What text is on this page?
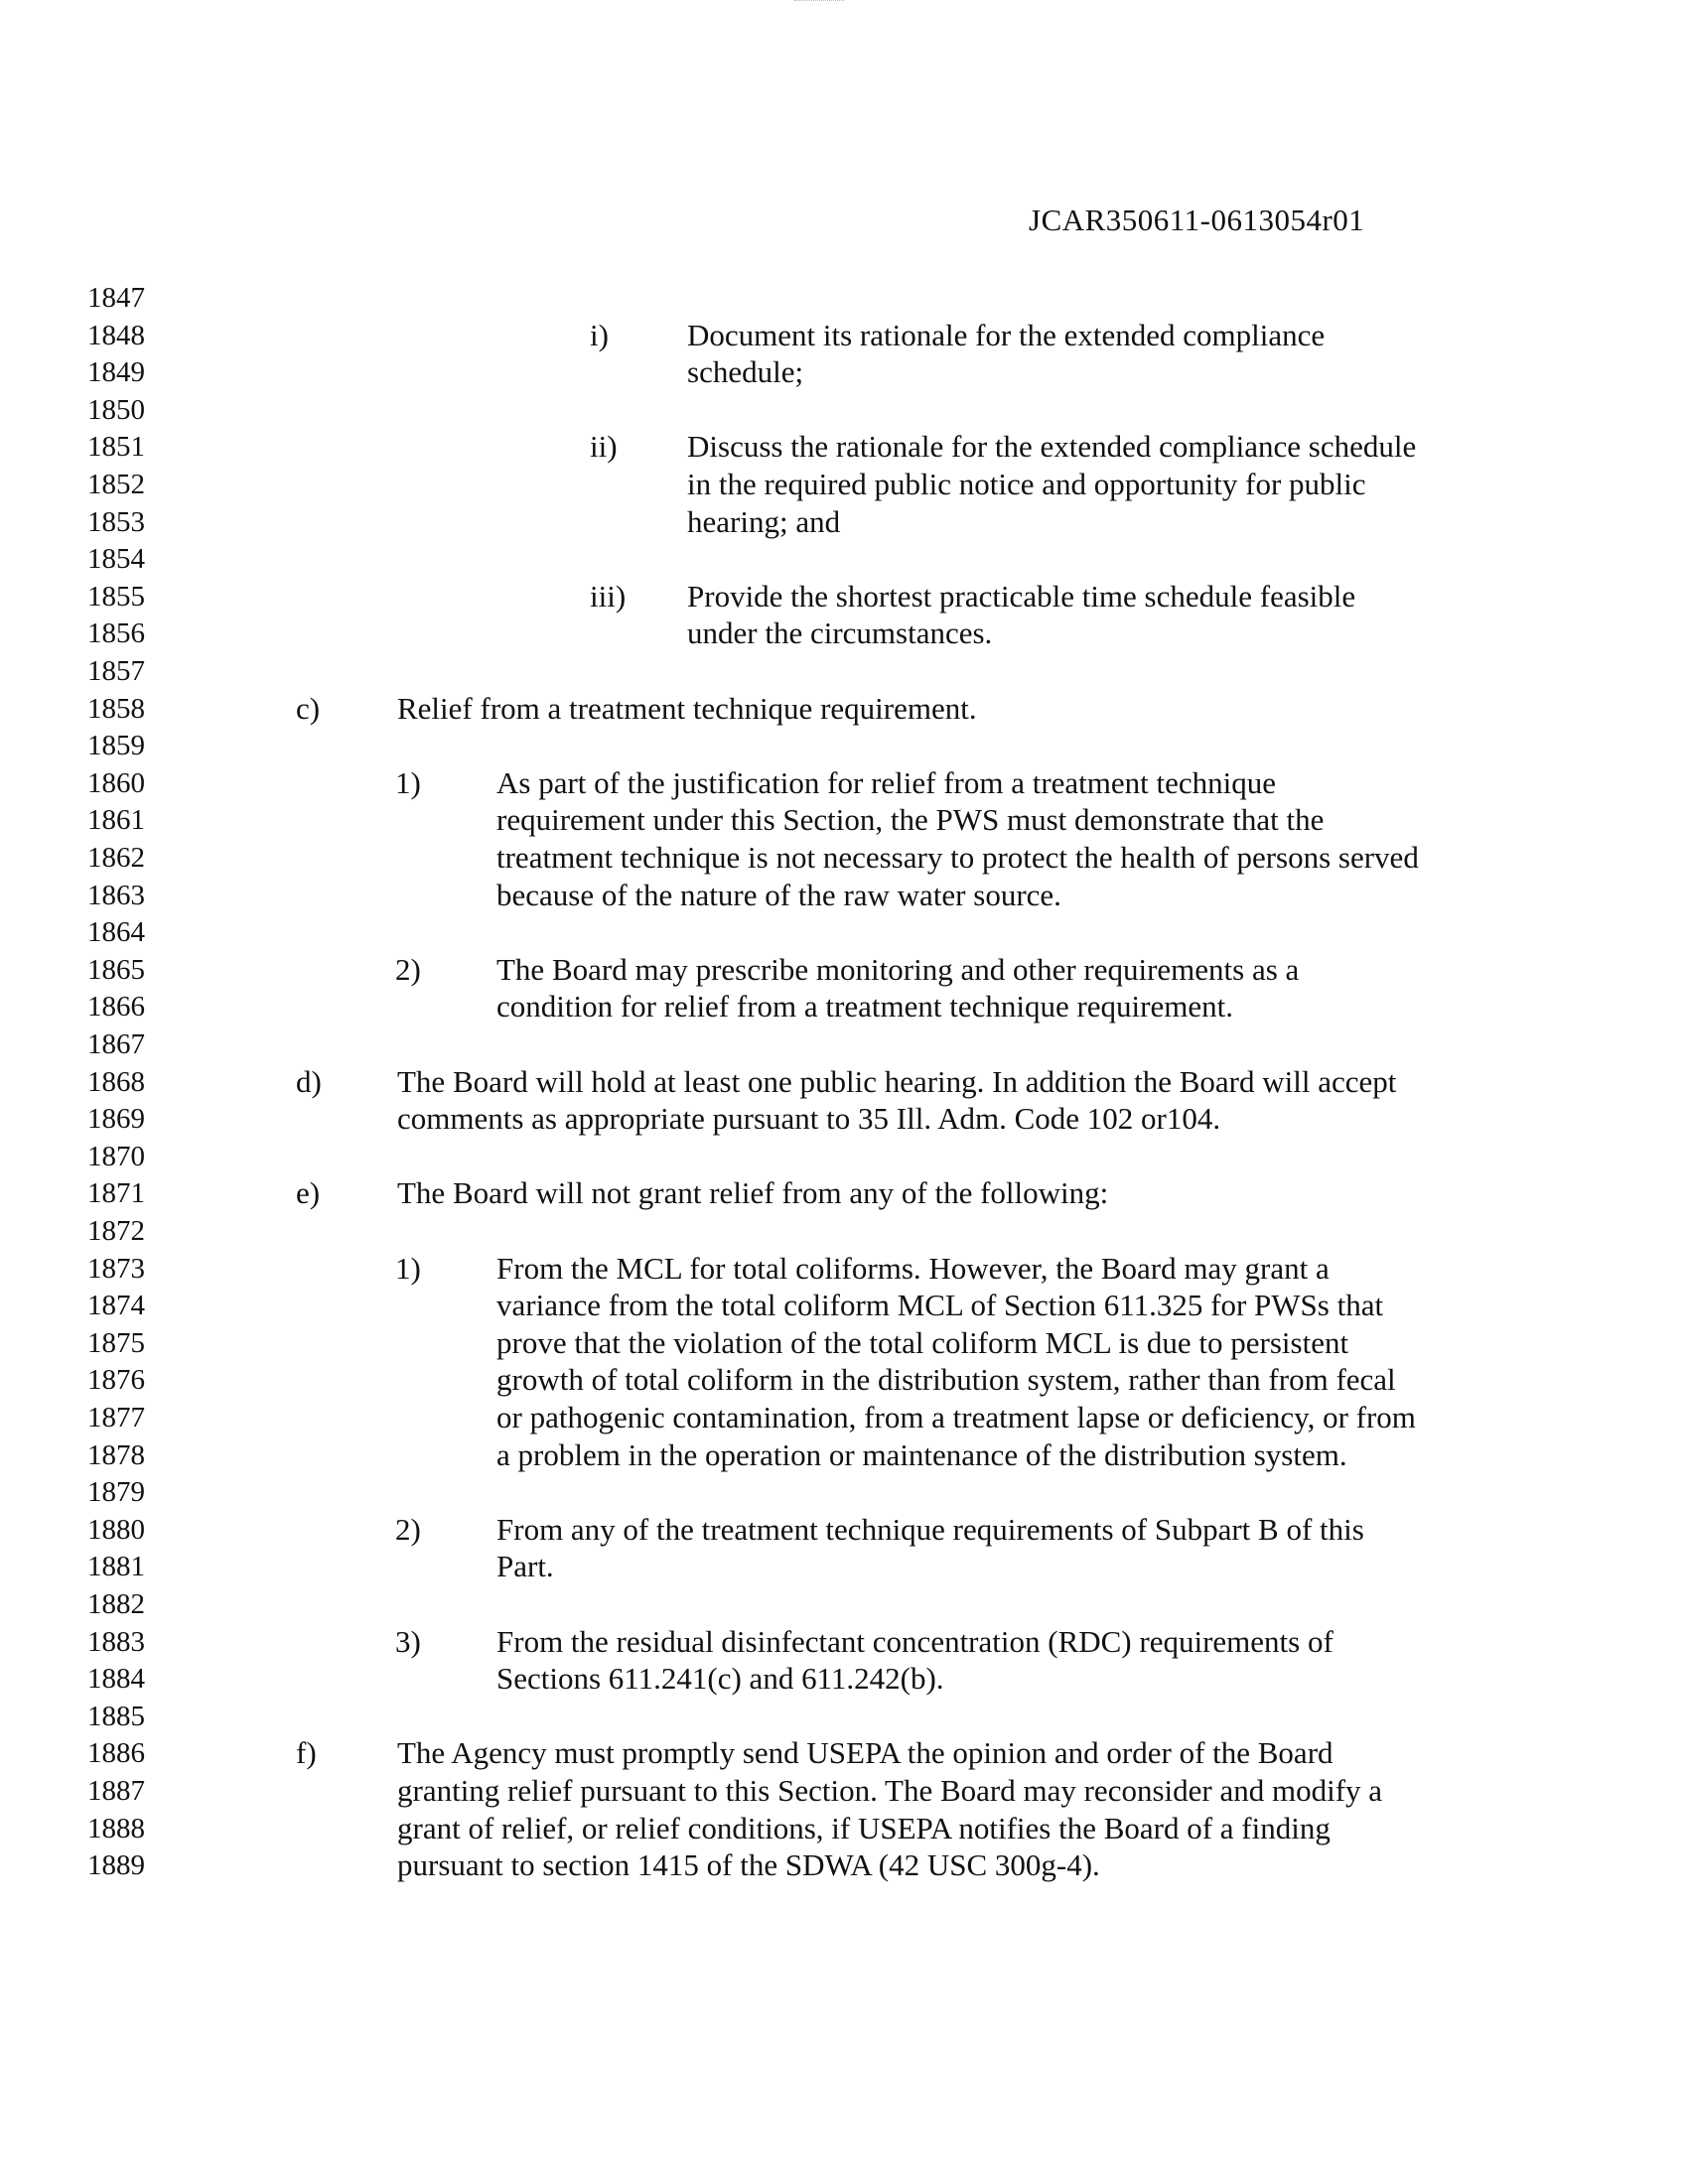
JCAR350611-0613054r01
1847
1848
1849
1850
1851
1852
1853
1854
1855
1856
1857
1858
1859
1860
1861
1862
1863
1864
1865
1866
1867
1868
1869
1870
1871
1872
1873
1874
1875
1876
1877
1878
1879
1880
1881
1882
1883
1884
1885
1886
1887
1888
1889
i)	Document its rationale for the extended compliance
schedule;
ii) Discuss the rationale for the extended compliance schedule
in the required public notice and opportunity for public
hearing; and
iii) Provide the shortest practicable time schedule feasible
under the circumstances.
c)	Relief from a treatment technique requirement.
1) As part of the justification for relief from a treatment technique
requirement under this Section, the PWS must demonstrate that the
treatment technique is not necessary to protect the health of persons served
because of the nature of the raw water source.
2) The Board may prescribe monitoring and other requirements as a
condition for relief from a treatment technique requirement.
d) The Board will hold at least one public hearing. In addition the Board will accept
comments as appropriate pursuant to 35 Ill. Adm. Code 102 or104.
e)	The Board will not grant relief from any of the following:
1) From the MCL for total coliforms. However, the Board may grant a
variance from the total coliform MCL of Section 611.325 for PWSs that
prove that the violation of the total coliform MCL is due to persistent
growth of total coliform in the distribution system, rather than from fecal
or pathogenic contamination, from a treatment lapse or deficiency, or from
a problem in the operation or maintenance of the distribution system.
2) From any of the treatment technique requirements of Subpart B of this
Part.
3) From the residual disinfectant concentration (RDC) requirements of
Sections 611.241(c) and 611.242(b).
f)	The Agency must promptly send USEPA the opinion and order of the Board
granting relief pursuant to this Section. The Board may reconsider and modify a
grant of relief, or relief conditions, if USEPA notifies the Board of a finding
pursuant to section 1415 of the SDWA (42 USC 300g-4).
